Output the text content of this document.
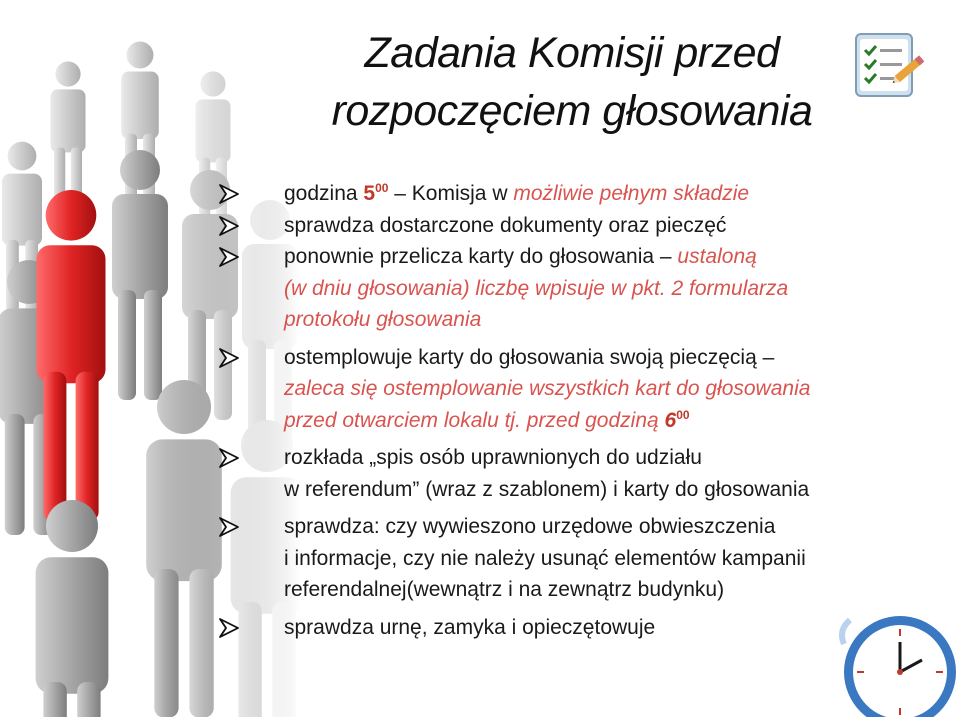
Zadania Komisji przed
rozpoczęciem głosowania
godzina $5^{00}$ – Komisja w możliwie pełnym składzie
sprawdza dostarczone dokumenty oraz pieczęć
ponownie przelicza karty do głosowania – ustaloną
(w dniu głosowania) liczbę wpisuje w pkt. 2 formularza
protokołu głosowania
ostemplowuje karty do głosowania swoją pieczęcią –
zaleca się ostemplowanie wszystkich kart do głosowania
przed otwarciem lokalu tj. przed godziną $6^{00}$
rozkłada „spis osób uprawnionych do udziału
w referendum” (wraz z szablonem) i karty do głosowania
sprawdza: czy wywieszono urzędowe obwieszczenia
i informacje, czy nie należy usunąć elementów kampanii
referendalnej(wewnątrz i na zewnątrz budynku)
sprawdza urnę, zamyka i opieczętowuje
